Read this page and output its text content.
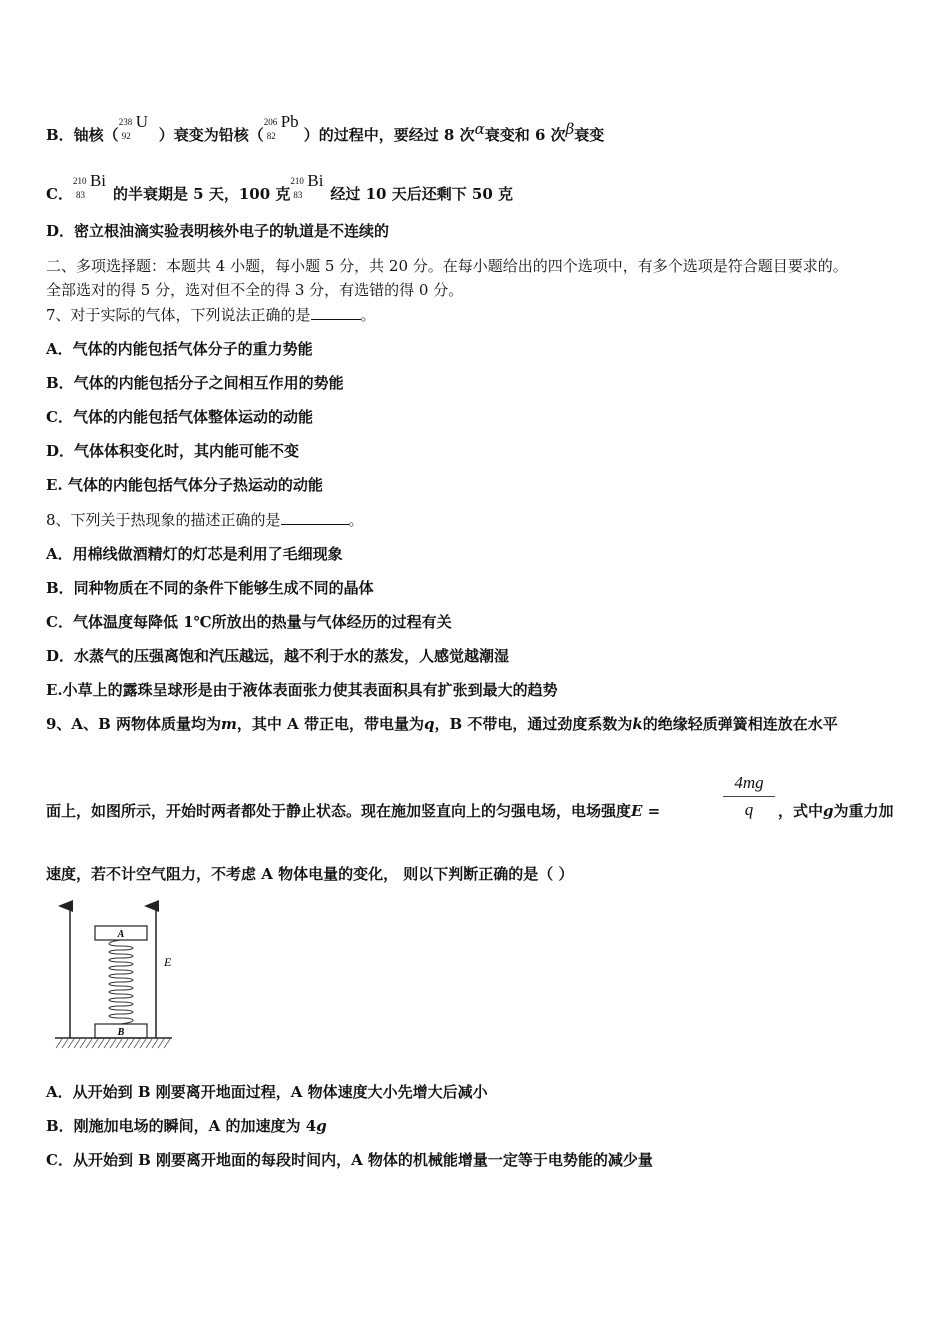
B．铀核（
238
92
U
）衰变为铅核（
206
82
Pb
）的过程中，要经过 8 次α衰变和 6 次β衰变
C．
210
83
Bi
的半衰期是 5 天，100 克
210
83
Bi
经过 10 天后还剩下 50 克
D．密立根油滴实验表明核外电子的轨道是不连续的
二、多项选择题：本题共 4 小题，每小题 5 分，共 20 分。在每小题给出的四个选项中，有多个选项是符合题目要求的。
全部选对的得 5 分，选对但不全的得 3 分，有选错的得 0 分。
7、对于实际的气体，下列说法正确的是	。
A．气体的内能包括气体分子的重力势能
B．气体的内能包括分子之间相互作用的势能
C．气体的内能包括气体整体运动的动能
D．气体体积变化时，其内能可能不变
E. 气体的内能包括气体分子热运动的动能
8、下列关于热现象的描述正确的是	。
A．用棉线做酒精灯的灯芯是利用了毛细现象
B．同种物质在不同的条件下能够生成不同的晶体
C．气体温度每降低 1℃所放出的热量与气体经历的过程有关
D．水蒸气的压强离饱和汽压越远，越不利于水的蒸发，人感觉越潮湿
E.小草上的露珠呈球形是由于液体表面张力使其表面积具有扩张到最大的趋势
9、A、B 两物体质量均为m，其中 A 带正电，带电量为q，B 不带电，通过劲度系数为k的绝缘轻质弹簧相连放在水平
面上，如图所示，开始时两者都处于静止状态。现在施加竖直向上的匀强电场，电场强度E =	$\frac{4mg}{q}$ ，式中g为重力加
速度，若不计空气阻力，不考虑 A 物体电量的变化， 则以下判断正确的是（ ）
A
B
E
A．从开始到 B 刚要离开地面过程，A 物体速度大小先增大后减小
B．刚施加电场的瞬间，A 的加速度为 4g
C．从开始到 B 刚要离开地面的每段时间内，A 物体的机械能增量一定等于电势能的减少量
